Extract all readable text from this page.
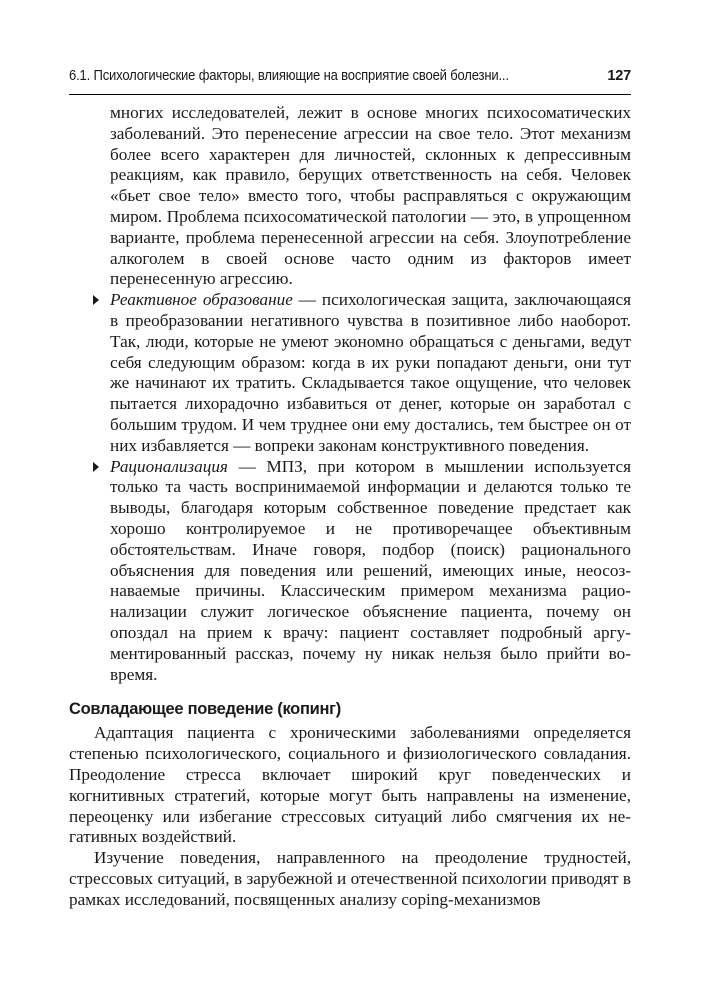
6.1. Психологические факторы, влияющие на восприятие своей болезни...	127

многих исследователей, лежит в основе многих психосоматических заболеваний. Это перенесение агрессии на свое тело. Этот механизм более всего характерен для личностей, склонных к депрессивным реакциям, как правило, берущих ответственность на себя. Человек «бьет свое тело» вместо того, чтобы расправляться с окружающим миром. Проблема психосоматической патологии — это, в упрощенном варианте, проблема перенесенной агрессии на себя. Злоупотребление алкоголем в своей основе часто одним из факторов имеет перенесенную агрессию.

Реактивное образование — психологическая защита, заключающаяся в преобразовании негативного чувства в позитивное либо наоборот. Так, люди, которые не умеют экономно обращаться с деньгами, ведут себя следующим образом: когда в их руки попадают деньги, они тут же начинают их тратить. Складывается такое ощущение, что человек пытается лихорадочно избавиться от денег, которые он заработал с большим трудом. И чем труднее они ему достались, тем быстрее он от них избавляется — вопреки законам конструктивного поведения.

Рационализация — МПЗ, при котором в мышлении используется только та часть воспринимаемой информации и делаются только те выводы, благодаря которым собственное поведение предстает как хорошо контролируемое и не противоречащее объективным обстоятельствам. Иначе говоря, подбор (поиск) рационального объяснения для поведения или решений, имеющих иные, неосознаваемые причины. Классическим примером механизма рационализации служит логическое объяснение пациента, почему он опоздал на прием к врачу: пациент составляет подробный аргументированный рассказ, почему ну никак нельзя было прийти вовремя.

Совладающее поведение (копинг)

Адаптация пациента с хроническими заболеваниями определяется степенью психологического, социального и физиологического совладания. Преодоление стресса включает широкий круг поведенческих и когнитивных стратегий, которые могут быть направлены на изменение, переоценку или избегание стрессовых ситуаций либо смягчения их негативных воздействий.

Изучение поведения, направленного на преодоление трудностей, стрессовых ситуаций, в зарубежной и отечественной психологии приводят в рамках исследований, посвященных анализу coping-механизмов
